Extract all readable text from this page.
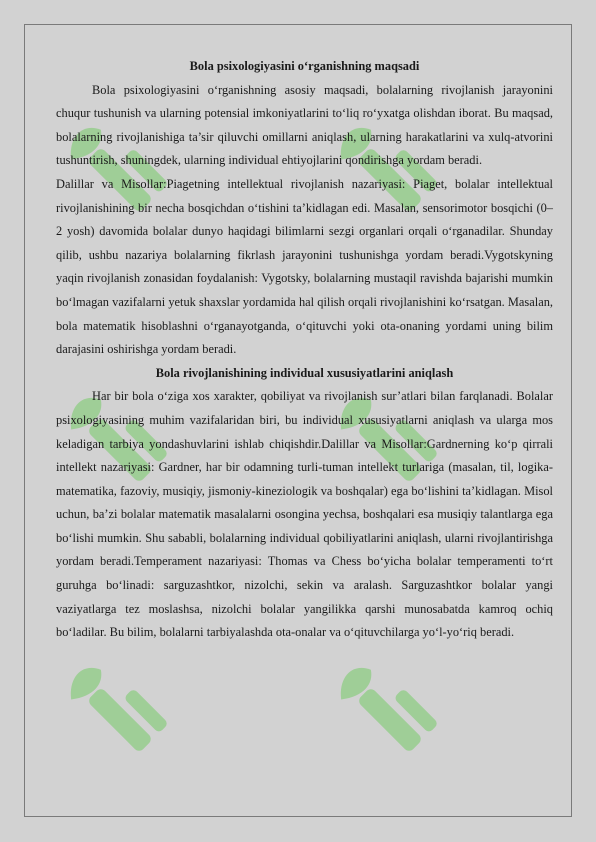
Bola psixologiyasini o‘rganishning maqsadi

Bola psixologiyasini o‘rganishning asosiy maqsadi, bolalarning rivojlanish jarayonini chuqur tushunish va ularning potensial imkoniyatlarini to‘liq ro‘yxatga olishdan iborat. Bu maqsad, bolalarning rivojlanishiga ta’sir qiluvchi omillarni aniqlash, ularning harakatlarini va xulq-atvorini tushuntirish, shuningdek, ularning individual ehtiyojlarini qondirishga yordam beradi.

Dalillar va Misollar:Piagetning intellektual rivojlanish nazariyasi: Piaget, bolalar intellektual rivojlanishining bir necha bosqichdan o‘tishini ta’kidlagan edi. Masalan, sensorimotor bosqichi (0–2 yosh) davomida bolalar dunyo haqidagi bilimlarni sezgi organlari orqali o‘rganadilar. Shunday qilib, ushbu nazariya bolalarning fikrlash jarayonini tushunishga yordam beradi.Vygotskyning yaqin rivojlanish zonasidan foydalanish: Vygotsky, bolalarning mustaqil ravishda bajarishi mumkin bo‘lmagan vazifalarni yetuk shaxslar yordamida hal qilish orqali rivojlanishini ko‘rsatgan. Masalan, bola matematik hisoblashni o‘rganayotganda, o‘qituvchi yoki ota-onaning yordami uning bilim darajasini oshirishga yordam beradi.

Bola rivojlanishining individual xususiyatlarini aniqlash

Har bir bola o‘ziga xos xarakter, qobiliyat va rivojlanish sur’atlari bilan farqlanadi. Bolalar psixologiyasining muhim vazifalaridan biri, bu individual xususiyatlarni aniqlash va ularga mos keladigan tarbiya yondashuvlarini ishlab chiqishdir.Dalillar va Misollar:Gardnerning ko‘p qirrali intellekt nazariyasi: Gardner, har bir odamning turli-tuman intellekt turlariga (masalan, til, logika-matematika, fazoviy, musiqiy, jismoniy-kineziologik va boshqalar) ega bo‘lishini ta’kidlagan. Misol uchun, ba’zi bolalar matematik masalalarni osongina yechsa, boshqalari esa musiqiy talantlarga ega bo‘lishi mumkin. Shu sababli, bolalarning individual qobiliyatlarini aniqlash, ularni rivojlantirishga yordam beradi.Temperament nazariyasi: Thomas va Chess bo‘yicha bolalar temperamenti to‘rt guruhga bo‘linadi: sarguzashtkor, nizolchi, sekin va aralash. Sarguzashtkor bolalar yangi vaziyatlarga tez moslashsa, nizolchi bolalar yangilikka qarshi munosabatda kamroq ochiq bo‘ladilar. Bu bilim, bolalarni tarbiyalashda ota-onalar va o‘qituvchilarga yo‘l-yo‘riq beradi.
